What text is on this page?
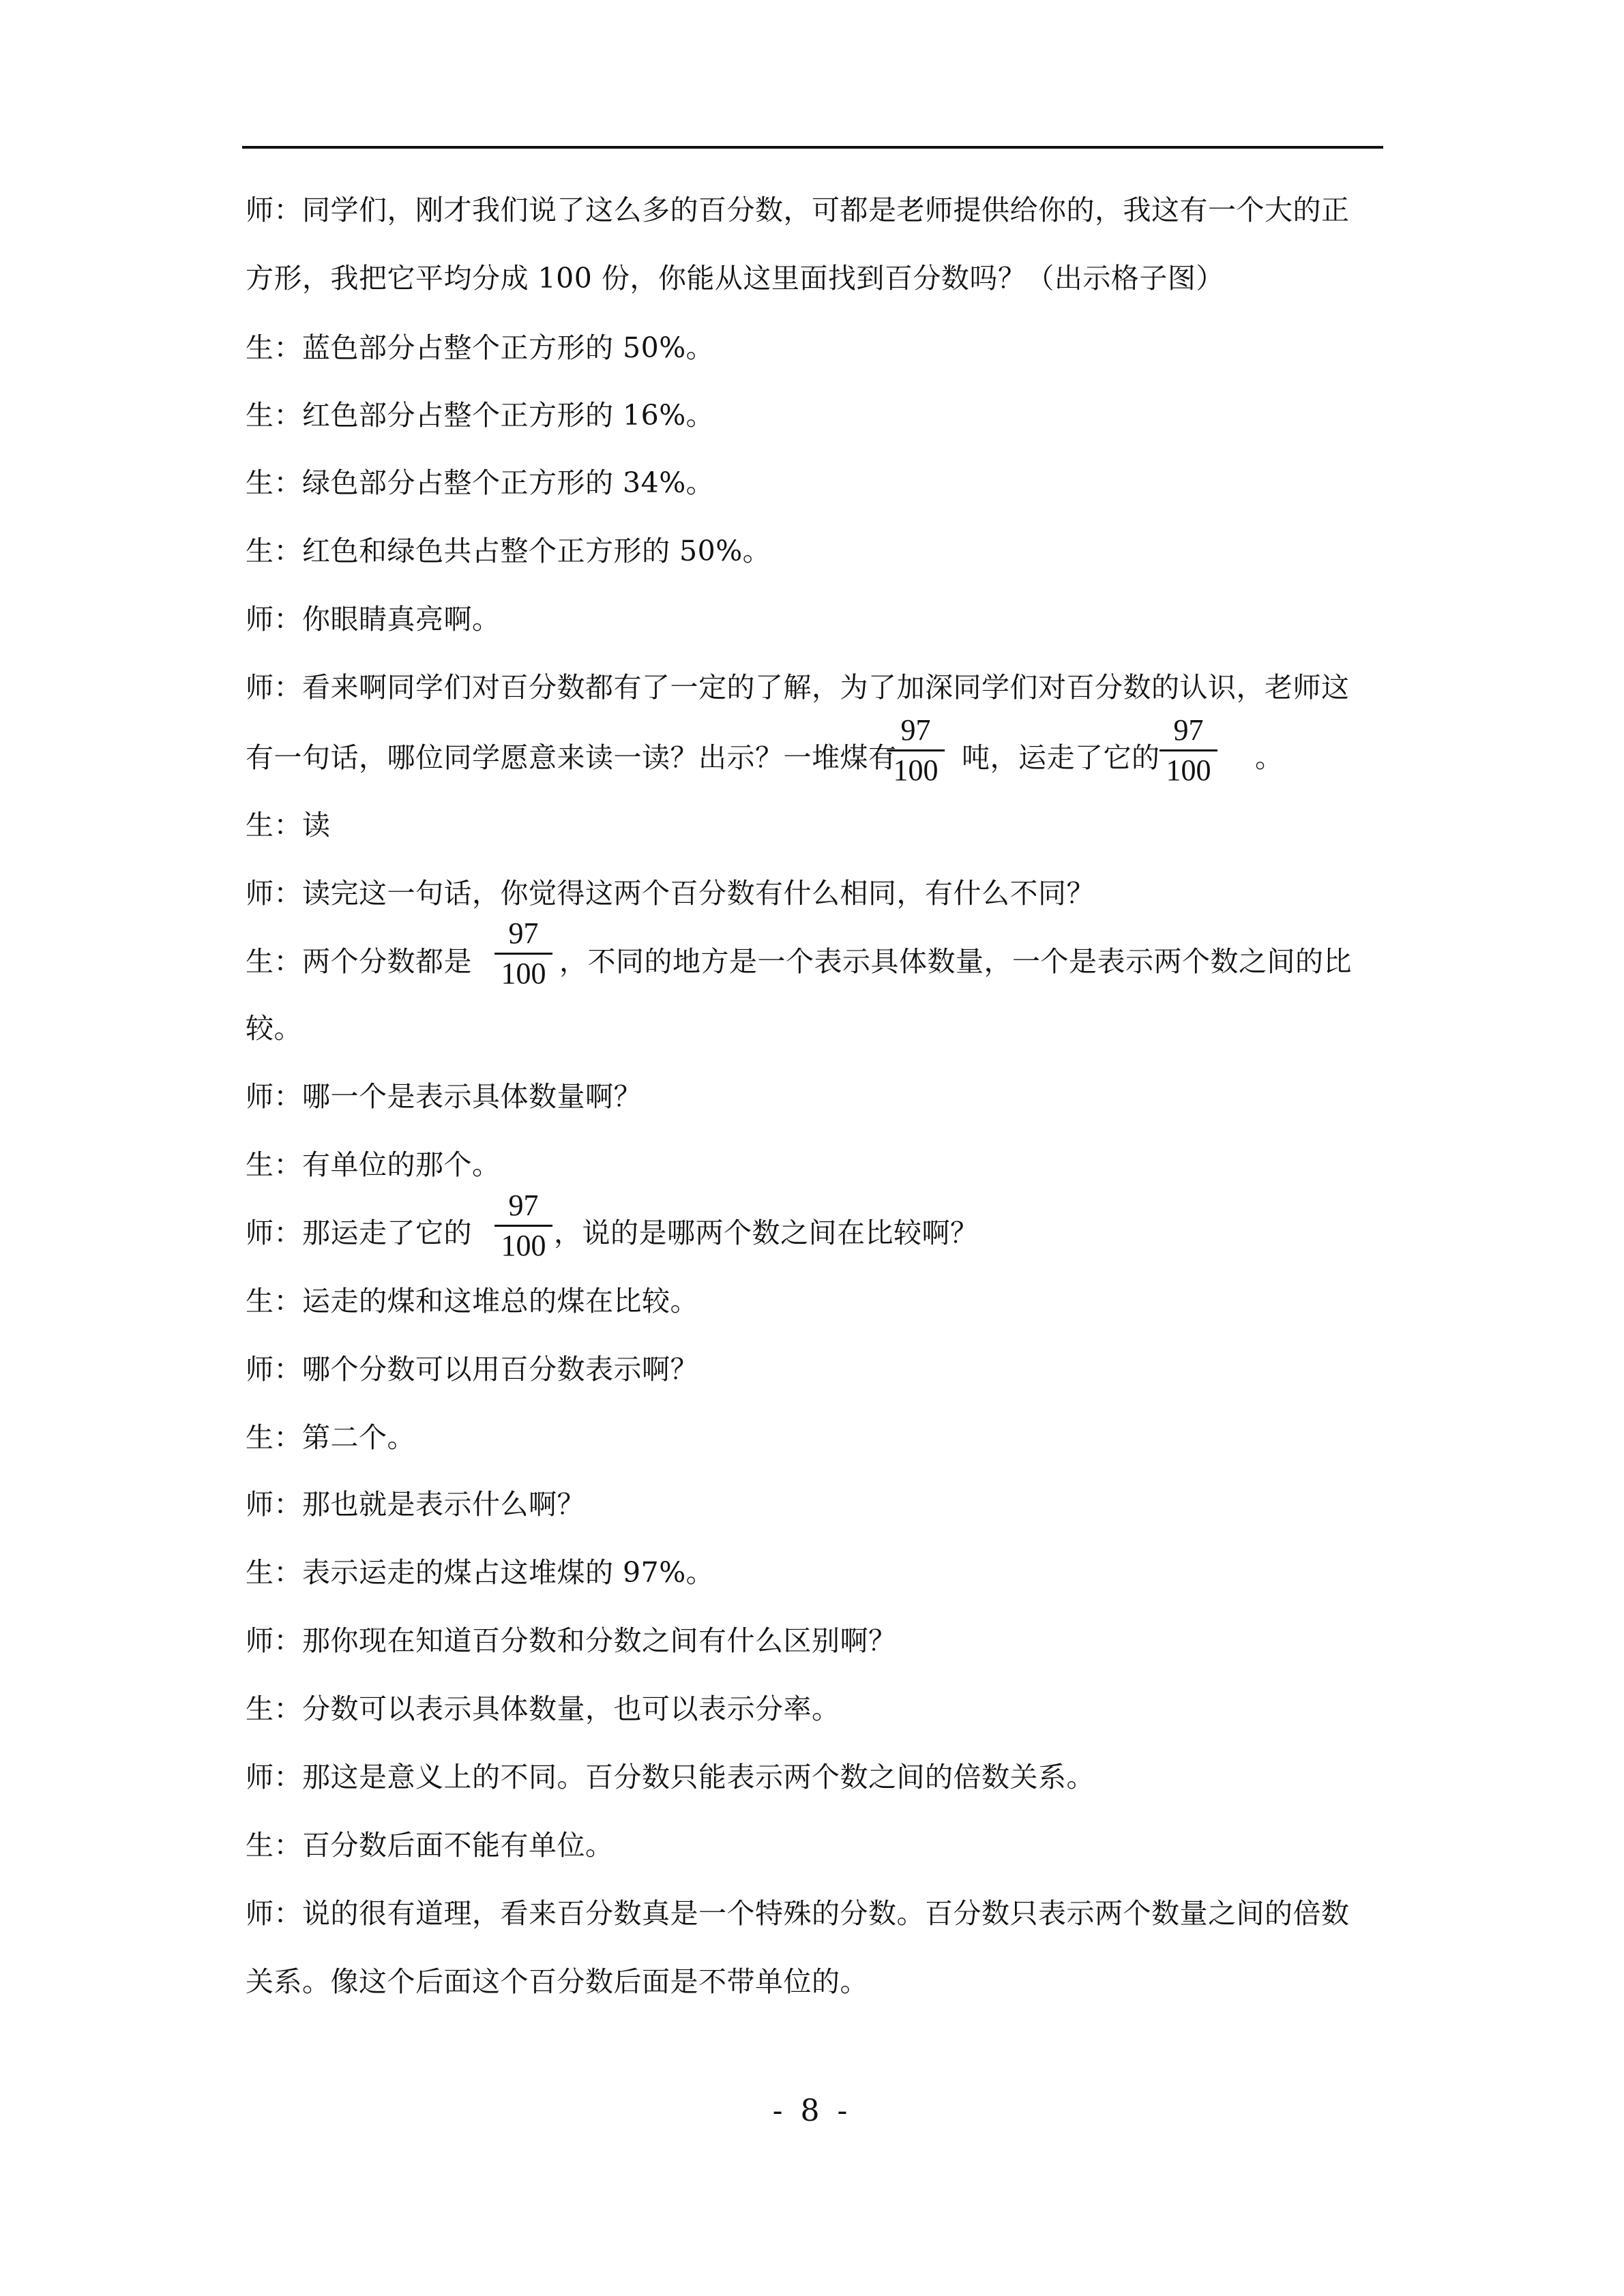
师：同学们，刚才我们说了这么多的百分数，可都是老师提供给你的，我这有一个大的正
方形，我把它平均分成 100 份，你能从这里面找到百分数吗？（出示格子图）
生：蓝色部分占整个正方形的 50%。
生：红色部分占整个正方形的 16%。
生：绿色部分占整个正方形的 34%。
生：红色和绿色共占整个正方形的 50%。
师：你眼睛真亮啊。
师：看来啊同学们对百分数都有了一定的了解，为了加深同学们对百分数的认识，老师这
有一句话，哪位同学愿意来读一读？出示？一堆煤有
97
100 吨，运走了它的
97
100 。
生：读
师：读完这一句话，你觉得这两个百分数有什么相同，有什么不同？
生：两个分数都是
97
100 ，不同的地方是一个表示具体数量，一个是表示两个数之间的比
较。
师：哪一个是表示具体数量啊？
生：有单位的那个。
师：那运走了它的
97
100 ，说的是哪两个数之间在比较啊？
生：运走的煤和这堆总的煤在比较。
师：哪个分数可以用百分数表示啊？
生：第二个。
师：那也就是表示什么啊？
生：表示运走的煤占这堆煤的 97%。
师：那你现在知道百分数和分数之间有什么区别啊？
生：分数可以表示具体数量，也可以表示分率。
师：那这是意义上的不同。百分数只能表示两个数之间的倍数关系。
生：百分数后面不能有单位。
师：说的很有道理，看来百分数真是一个特殊的分数。百分数只表示两个数量之间的倍数
关系。像这个后面这个百分数后面是不带单位的。
- 8 -
